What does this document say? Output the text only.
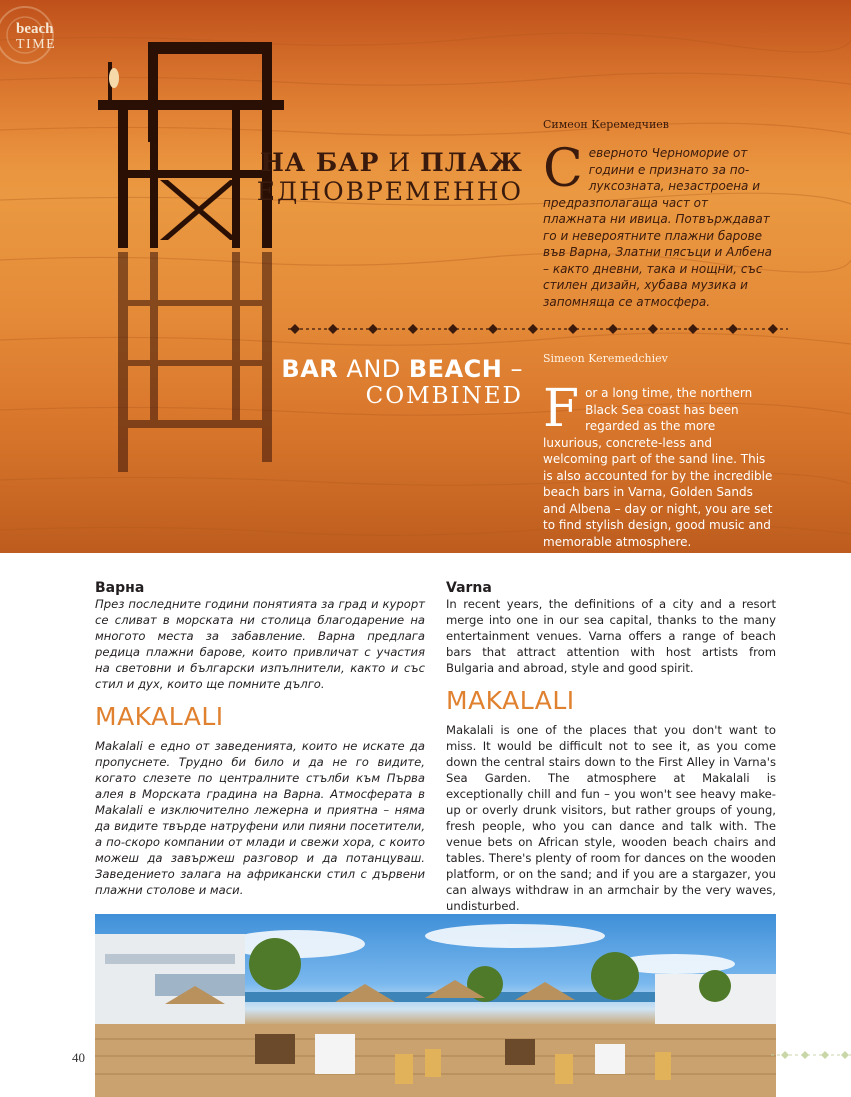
beach
TIME
Симеон Керемедчиев
НА БАР И ПЛАЖ
ЕДНОВРЕМЕННО Северното Черноморие от години е признато за по-луксозната, незастроена и предразполагаща част от плажната ни ивица. Потвърждават го и невероятните плажни барове във Варна, Златни пясъци и Албена – както дневни, така и нощни, със стилен дизайн, хубава музика и запомняща се атмосфера.
Simeon Keremedchiev
BAR AND BEACH –
COMBINED For a long time, the northern Black Sea coast has been regarded as the more luxurious, concrete-less and welcoming part of the sand line. This is also accounted for by the incredible beach bars in Varna, Golden Sands and Albena – day or night, you are set to find stylish design, good music and memorable atmosphere.
Варна

През последните години понятията за град и курорт се сливат в морската ни столица благодарение на многото места за забавление. Варна предлага редица плажни барове, които привличат с участия на световни и български изпълнители, както и със стил и дух, които ще помните дълго.

MAKALALI

Makalali е едно от заведенията, които не искате да пропуснете. Трудно би било и да не го видите, когато слезете по централните стълби към Първа алея в Морската градина на Варна. Атмосферата в Makalali е изключително лежерна и приятна – няма да видите твърде натруфени или пияни посетители, а по-скоро компании от млади и свежи хора, с които можеш да завържеш разговор и да потанцуваш. Заведението залага на африкански стил с дървени плажни столове и маси.

Varna

In recent years, the definitions of a city and a resort merge into one in our sea capital, thanks to the many entertainment venues. Varna offers a range of beach bars that attract attention with host artists from Bulgaria and abroad, style and good spirit.

MAKALALI

Makalali is one of the places that you don't want to miss. It would be difficult not to see it, as you come down the central stairs down to the First Alley in Varna's Sea Garden. The atmosphere at Makalali is exceptionally chill and fun – you won't see heavy make-up or overly drunk visitors, but rather groups of young, fresh people, who you can dance and talk with. The venue bets on African style, wooden beach chairs and tables. There's plenty of room for dances on the wooden platform, or on the sand; and if you are a stargazer, you can always withdraw in an armchair by the very waves, undisturbed.

40
